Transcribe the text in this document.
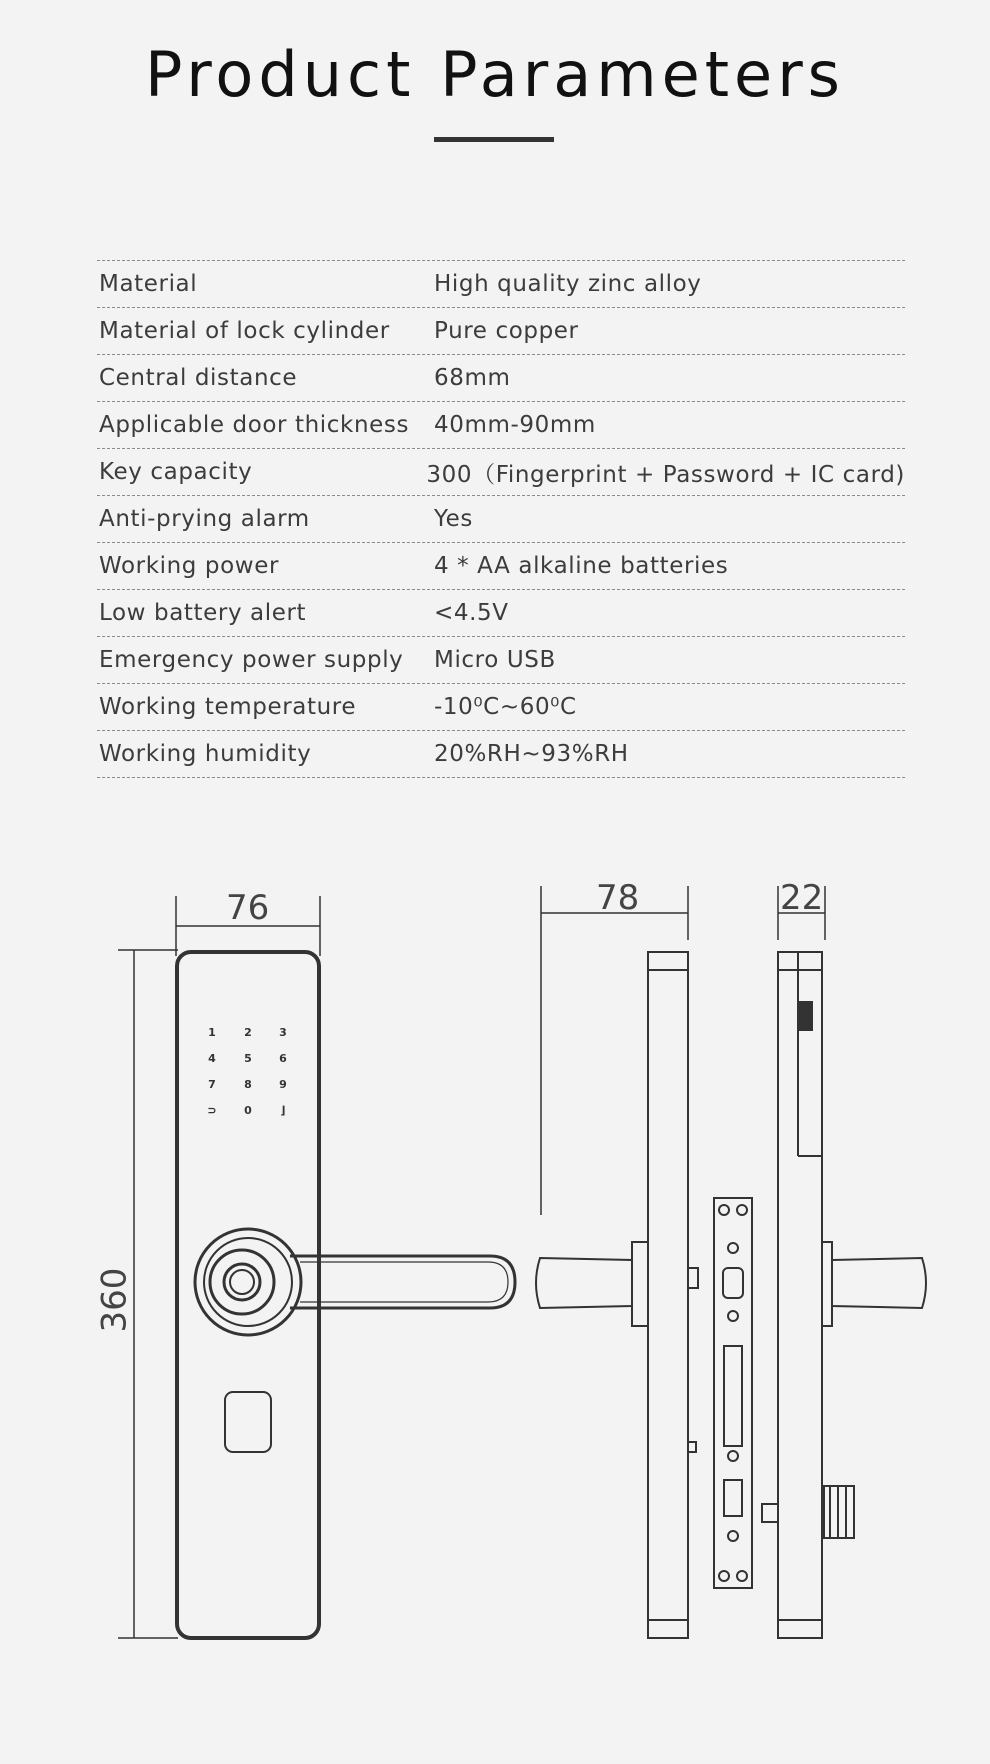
Product Parameters
Material	High quality zinc alloy
Material of lock cylinder	Pure copper
Central distance	68mm
Applicable door thickness	40mm-90mm
Key capacity	300（Fingerprint + Password + IC card)
Anti-prying alarm	Yes
Working power	4 * AA alkaline batteries
Low battery alert	<4.5V
Emergency power supply	Micro USB
Working temperature	-10⁰C~60⁰C
Working humidity	20%RH~93%RH
76	78	22
360
1	2 3
4	5 6
7	8 9
⊃	0	⌋
